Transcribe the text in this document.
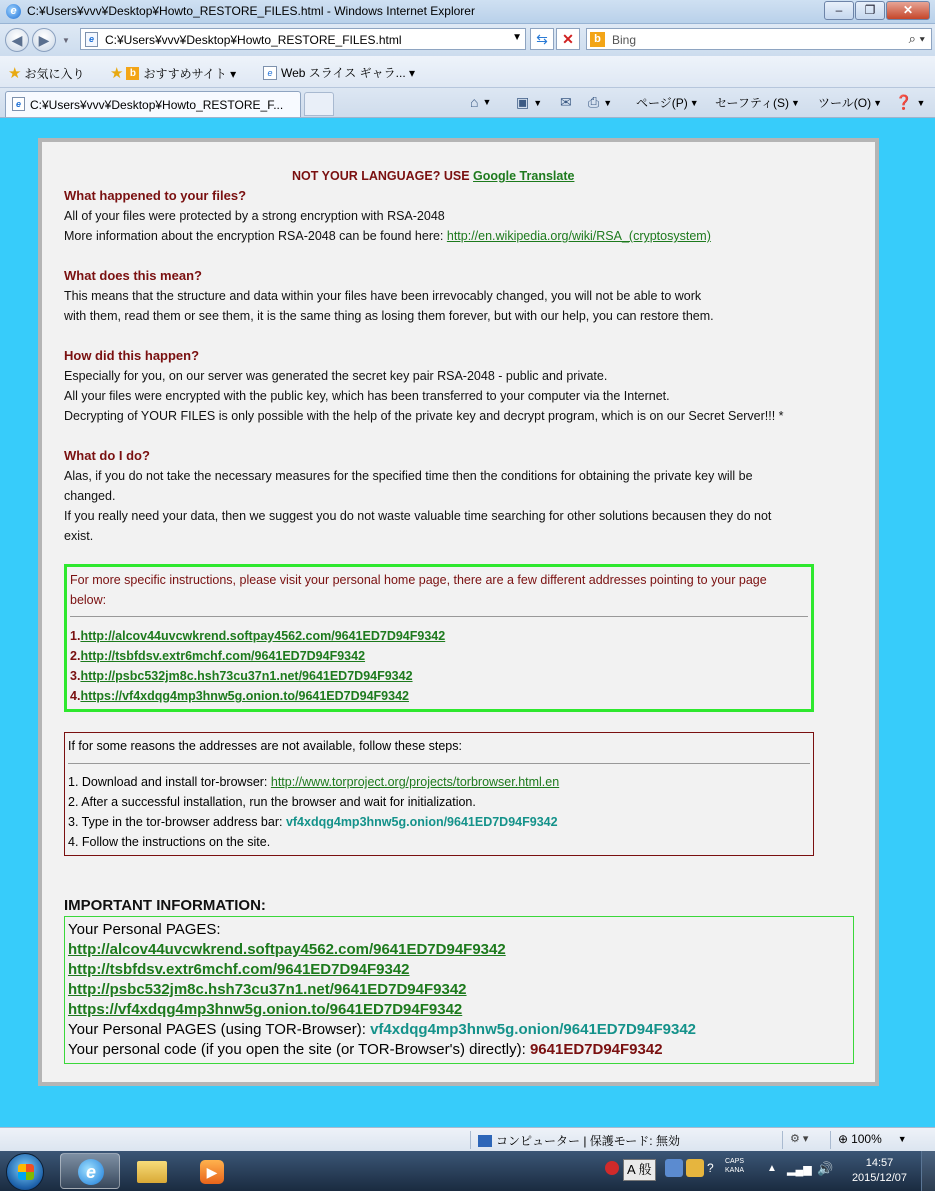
e C:¥Users¥vvv¥Desktop¥Howto_RESTORE_FILES.html - Windows Internet Explorer	–	❐	✕
◀	▶	▼	e C:¥Users¥vvv¥Desktop¥Howto_RESTORE_FILES.html	▼	⇆	✕	b Bing	⌕ ▾
★ お気に入り ★ b おすすめサイト ▾	e Web スライス ギャラ... ▾
e C:¥Users¥vvv¥Desktop¥Howto_RESTORE_F...	⌂ ▼ ▣ ▼ ✉ ⎙ ▼ ページ(P) ▼ セーフティ(S) ▼ ツール(O) ▼ ❓ ▼
NOT YOUR LANGUAGE? USE Google Translate
What happened to your files?
All of your files were protected by a strong encryption with RSA-2048
More information about the encryption RSA-2048 can be found here: http://en.wikipedia.org/wiki/RSA_(cryptosystem)
What does this mean?
This means that the structure and data within your files have been irrevocably changed, you will not be able to work
with them, read them or see them, it is the same thing as losing them forever, but with our help, you can restore them.
How did this happen?
Especially for you, on our server was generated the secret key pair RSA-2048 - public and private.
All your files were encrypted with the public key, which has been transferred to your computer via the Internet.
Decrypting of YOUR FILES is only possible with the help of the private key and decrypt program, which is on our Secret Server!!! *
What do I do?
Alas, if you do not take the necessary measures for the specified time then the conditions for obtaining the private key will be
changed.
If you really need your data, then we suggest you do not waste valuable time searching for other solutions becausen they do not
exist.
For more specific instructions, please visit your personal home page, there are a few different addresses pointing to your page
below:
1.http://alcov44uvcwkrend.softpay4562.com/9641ED7D94F9342
2.http://tsbfdsv.extr6mchf.com/9641ED7D94F9342
3.http://psbc532jm8c.hsh73cu37n1.net/9641ED7D94F9342
4.https://vf4xdqg4mp3hnw5g.onion.to/9641ED7D94F9342
If for some reasons the addresses are not available, follow these steps:
1. Download and install tor-browser: http://www.torproject.org/projects/torbrowser.html.en
2. After a successful installation, run the browser and wait for initialization.
3. Type in the tor-browser address bar: vf4xdqg4mp3hnw5g.onion/9641ED7D94F9342
4. Follow the instructions on the site.
IMPORTANT INFORMATION:
Your Personal PAGES:
http://alcov44uvcwkrend.softpay4562.com/9641ED7D94F9342
http://tsbfdsv.extr6mchf.com/9641ED7D94F9342
http://psbc532jm8c.hsh73cu37n1.net/9641ED7D94F9342
https://vf4xdqg4mp3hnw5g.onion.to/9641ED7D94F9342
Your Personal PAGES (using TOR-Browser): vf4xdqg4mp3hnw5g.onion/9641ED7D94F9342
Your personal code (if you open the site (or TOR-Browser's) directly): 9641ED7D94F9342
コンピューター | 保護モード: 無効	⚙ ▾ ⊕ 100% ▼
e	▶	A 般	? CAPS
KANA ▲ ▂▄▆ 🔊	14:57
2015/12/07
